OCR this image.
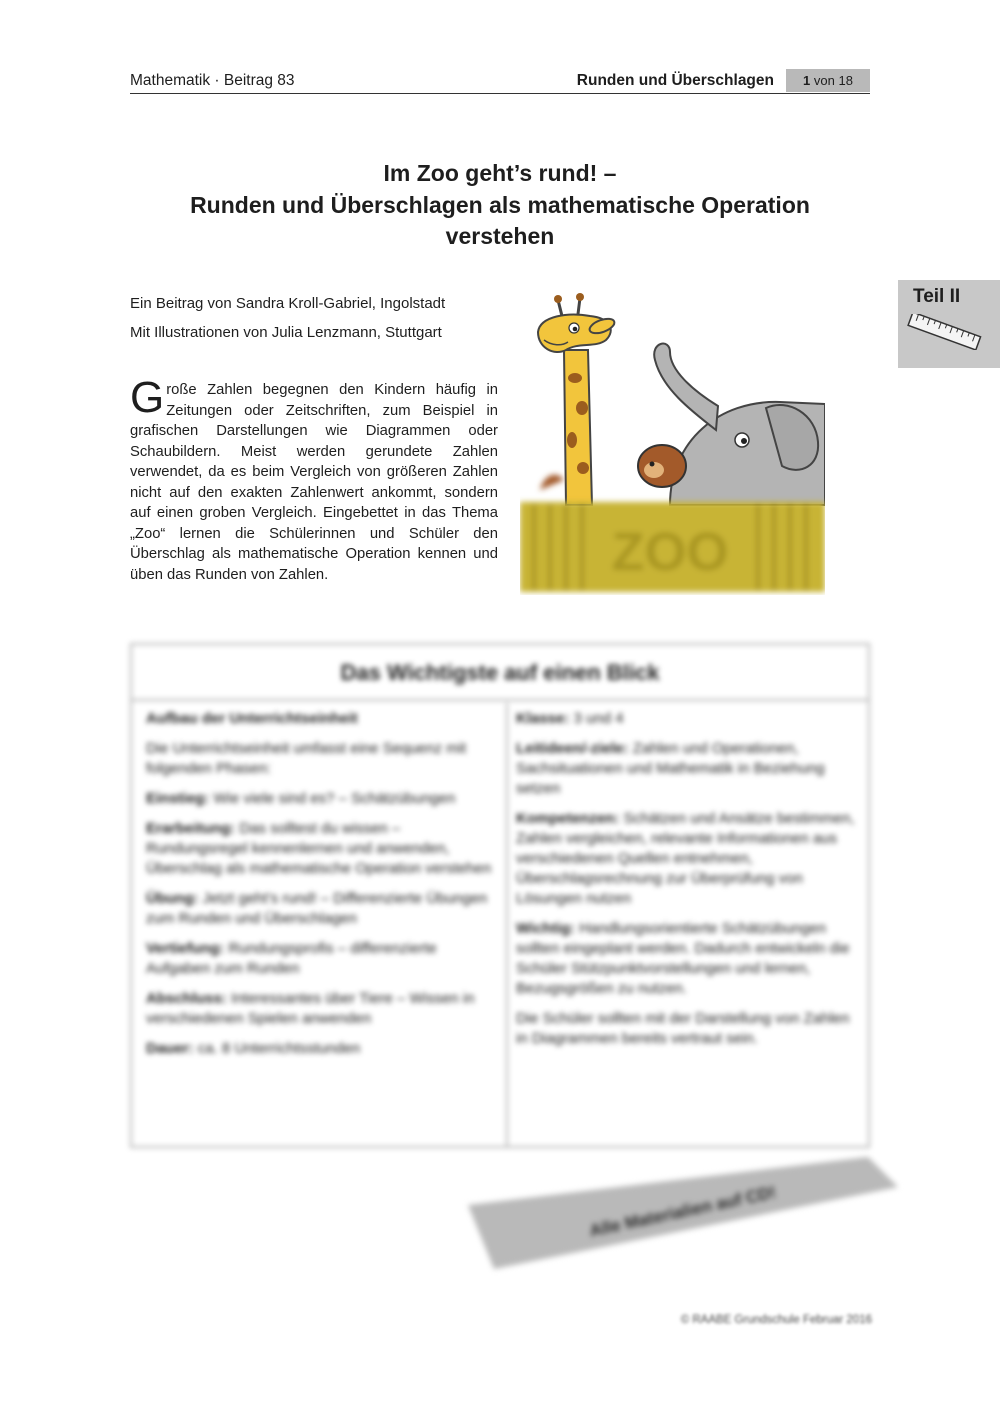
Mathematik · Beitrag 83	Runden und Überschlagen	1 von 18
Im Zoo geht’s rund! –
Runden und Überschlagen als mathematische Operation
verstehen
Ein Beitrag von Sandra Kroll-Gabriel, Ingolstadt
Mit Illustrationen von Julia Lenzmann, Stuttgart
Große Zahlen begegnen den Kindern häufig in Zeitungen oder Zeitschriften, zum Beispiel in grafischen Darstellungen wie Diagrammen oder Schaubildern. Meist werden gerundete Zahlen verwendet, da es beim Vergleich von größeren Zahlen nicht auf den exakten Zahlenwert ankommt, sondern auf einen groben Vergleich. Eingebettet in das Thema „Zoo“ lernen die Schülerinnen und Schüler den Überschlag als mathematische Operation kennen und üben das Runden von Zahlen.
Teil II
ZOO
Das Wichtigste auf einen Blick

Aufbau der Unterrichtseinheit

Die Unterrichtseinheit umfasst eine Sequenz mit folgenden Phasen:

Einstieg: Wie viele sind es? – Schätzübungen

Erarbeitung: Das solltest du wissen – Rundungsregel kennenlernen und anwenden, Überschlag als mathematische Operation verstehen

Übung: Jetzt geht’s rund! – Differenzierte Übungen zum Runden und Überschlagen

Vertiefung: Rundungsprofis – differenzierte Aufgaben zum Runden

Abschluss: Interessantes über Tiere – Wissen in verschiedenen Spielen anwenden

Dauer: ca. 8 Unterrichtsstunden

Klasse: 3 und 4

Leitideen/-ziele: Zahlen und Operationen, Sachsituationen und Mathematik in Beziehung setzen

Kompetenzen: Schätzen und Ansätze bestimmen, Zahlen vergleichen, relevante Informationen aus verschiedenen Quellen entnehmen, Überschlagsrechnung zur Überprüfung von Lösungen nutzen

Wichtig: Handlungsorientierte Schätzübungen sollten eingeplant werden. Dadurch entwickeln die Schüler Stützpunktvorstellungen und lernen, Bezugsgrößen zu nutzen.

Die Schüler sollten mit der Darstellung von Zahlen in Diagrammen bereits vertraut sein.

Alle Materialien auf CD!
© RAABE Grundschule Februar 2016
